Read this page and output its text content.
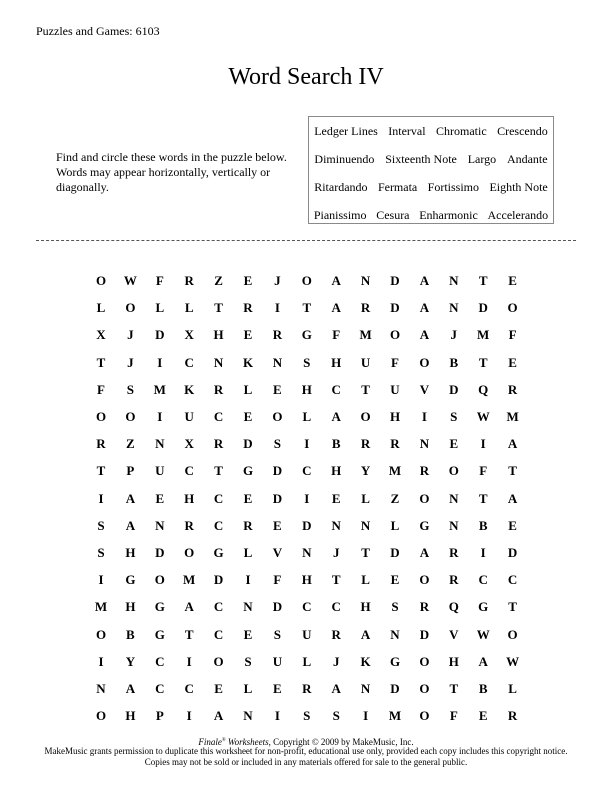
Puzzles and Games: 6103
Word Search IV
Find and circle these words in the puzzle below. Words may appear horizontally, vertically or diagonally.
Ledger Lines Interval Chromatic Crescendo
Diminuendo Sixteenth Note Largo Andante
Ritardando Fermata Fortissimo Eighth Note
Pianissimo Cesura Enharmonic Accelerando
O	W	F	R	Z	E	J	O	A	N	D	A	N	T	E
L	O	L	L	T	R	I	T	A	R	D	A	N	D	O
X	J	D	X	H	E	R	G	F	M	O	A	J	M	F
T	J	I	C	N	K	N	S	H	U	F	O	B	T	E
F	S	M	K	R	L	E	H	C	T	U	V	D	Q	R
O	O	I	U	C	E	O	L	A	O	H	I	S	W	M
R	Z	N	X	R	D	S	I	B	R	R	N	E	I	A
T	P	U	C	T	G	D	C	H	Y	M	R	O	F	T
I	A	E	H	C	E	D	I	E	L	Z	O	N	T	A
S	A	N	R	C	R	E	D	N	N	L	G	N	B	E
S	H	D	O	G	L	V	N	J	T	D	A	R	I	D
I	G	O	M	D	I	F	H	T	L	E	O	R	C	C
M	H	G	A	C	N	D	C	C	H	S	R	Q	G	T
O	B	G	T	C	E	S	U	R	A	N	D	V	W	O
I	Y	C	I	O	S	U	L	J	K	G	O	H	A	W
N	A	C	C	E	L	E	R	A	N	D	O	T	B	L
O	H	P	I	A	N	I	S	S	I	M	O	F	E	R
Finale® Worksheets, Copyright © 2009 by MakeMusic, Inc.
MakeMusic grants permission to duplicate this worksheet for non-profit, educational use only, provided each copy includes this copyright notice.
Copies may not be sold or included in any materials offered for sale to the general public.
